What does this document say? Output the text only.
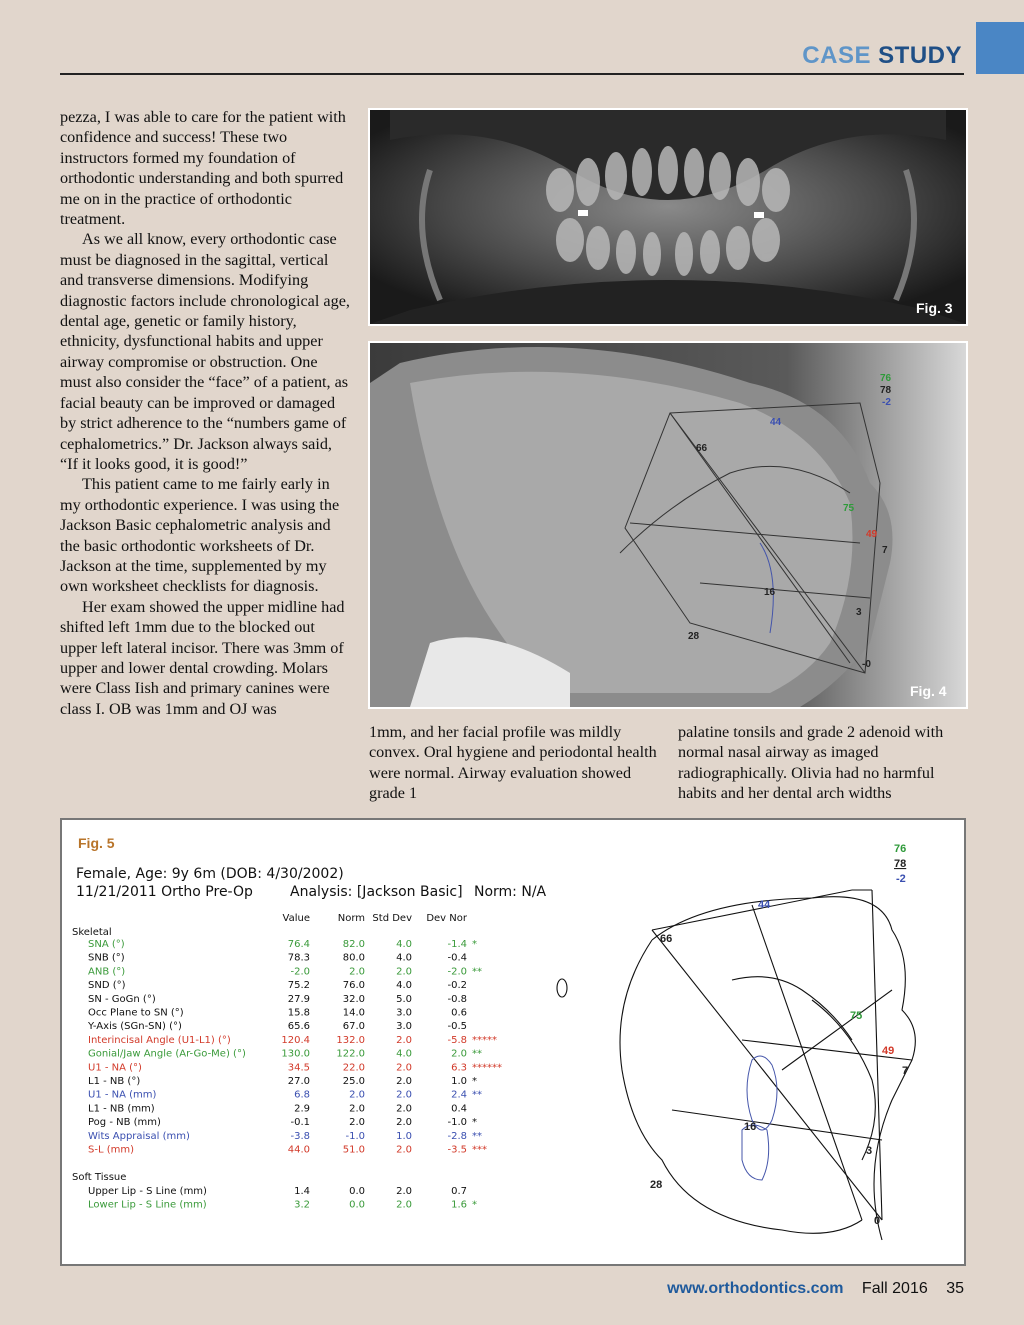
CASE STUDY

pezza, I was able to care for the patient with confidence and success! These two instructors formed my foundation of orthodontic understanding and both spurred me on in the practice of orthodontic treatment.

As we all know, every orthodontic case must be diagnosed in the sagittal, vertical and transverse dimensions. Modifying diagnostic factors include chronological age, dental age, genetic or family history, ethnicity, dysfunctional habits and upper airway compromise or obstruction. One must also consider the “face” of a patient, as facial beauty can be improved or damaged by strict adherence to the “numbers game of cephalometrics.” Dr. Jackson always said, “If it looks good, it is good!”

This patient came to me fairly early in my orthodontic experience. I was using the Jackson Basic cephalometric analysis and the basic orthodontic worksheets of Dr. Jackson at the time, supplemented by my own worksheet checklists for diagnosis.

Her exam showed the upper midline had shifted left 1mm due to the blocked out upper left lateral incisor. There was 3mm of upper and lower dental crowding. Molars were Class Iish and primary canines were class I. OB was 1mm and OJ was

Fig. 3
76
78
-2
44
66
75
49
7
16
3
28
-0
Fig. 4

1mm, and her facial profile was mildly convex. Oral hygiene and periodontal health were normal. Airway evaluation showed grade 1

palatine tonsils and grade 2 adenoid with normal nasal airway as imaged radiographically. Olivia had no harmful habits and her dental arch widths

Fig. 5
Female, Age: 9y 6m (DOB: 4/30/2002)
11/21/2011 Ortho Pre-Op	Analysis: [Jackson Basic] Norm: N/A
Value	Norm Std Dev Dev Nor
Skeletal
Soft Tissue
SNA (°)	76.4	82.0	4.0	-1.4 *
SNB (°)	78.3	80.0	4.0	-0.4
ANB (°)	-2.0	2.0	2.0	-2.0 **
SND (°)	75.2	76.0	4.0	-0.2
SN - GoGn (°)	27.9	32.0	5.0	-0.8
Occ Plane to SN (°)	15.8	14.0	3.0	0.6
Y-Axis (SGn-SN) (°)	65.6	67.0	3.0	-0.5
Interincisal Angle (U1-L1) (°)	120.4	132.0	2.0	-5.8 *****
Gonial/Jaw Angle (Ar-Go-Me) (°)	130.0	122.0	4.0	2.0 **
U1 - NA (°)	34.5	22.0	2.0	6.3 ******
L1 - NB (°)	27.0	25.0	2.0	1.0 *
U1 - NA (mm)	6.8	2.0	2.0	2.4 **
L1 - NB (mm)	2.9	2.0	2.0	0.4
Pog - NB (mm)	-0.1	2.0	2.0	-1.0 *
Wits Appraisal (mm)	-3.8	-1.0	1.0	-2.8 **
S-L (mm)	44.0	51.0	2.0	-3.5 ***
Upper Lip - S Line (mm)	1.4	0.0	2.0	0.7
Lower Lip - S Line (mm)	3.2	0.0	2.0	1.6 *
76
78
-2
44
66
75
49
7
16
3
28
0
www.orthodontics.com Fall 2016 35
